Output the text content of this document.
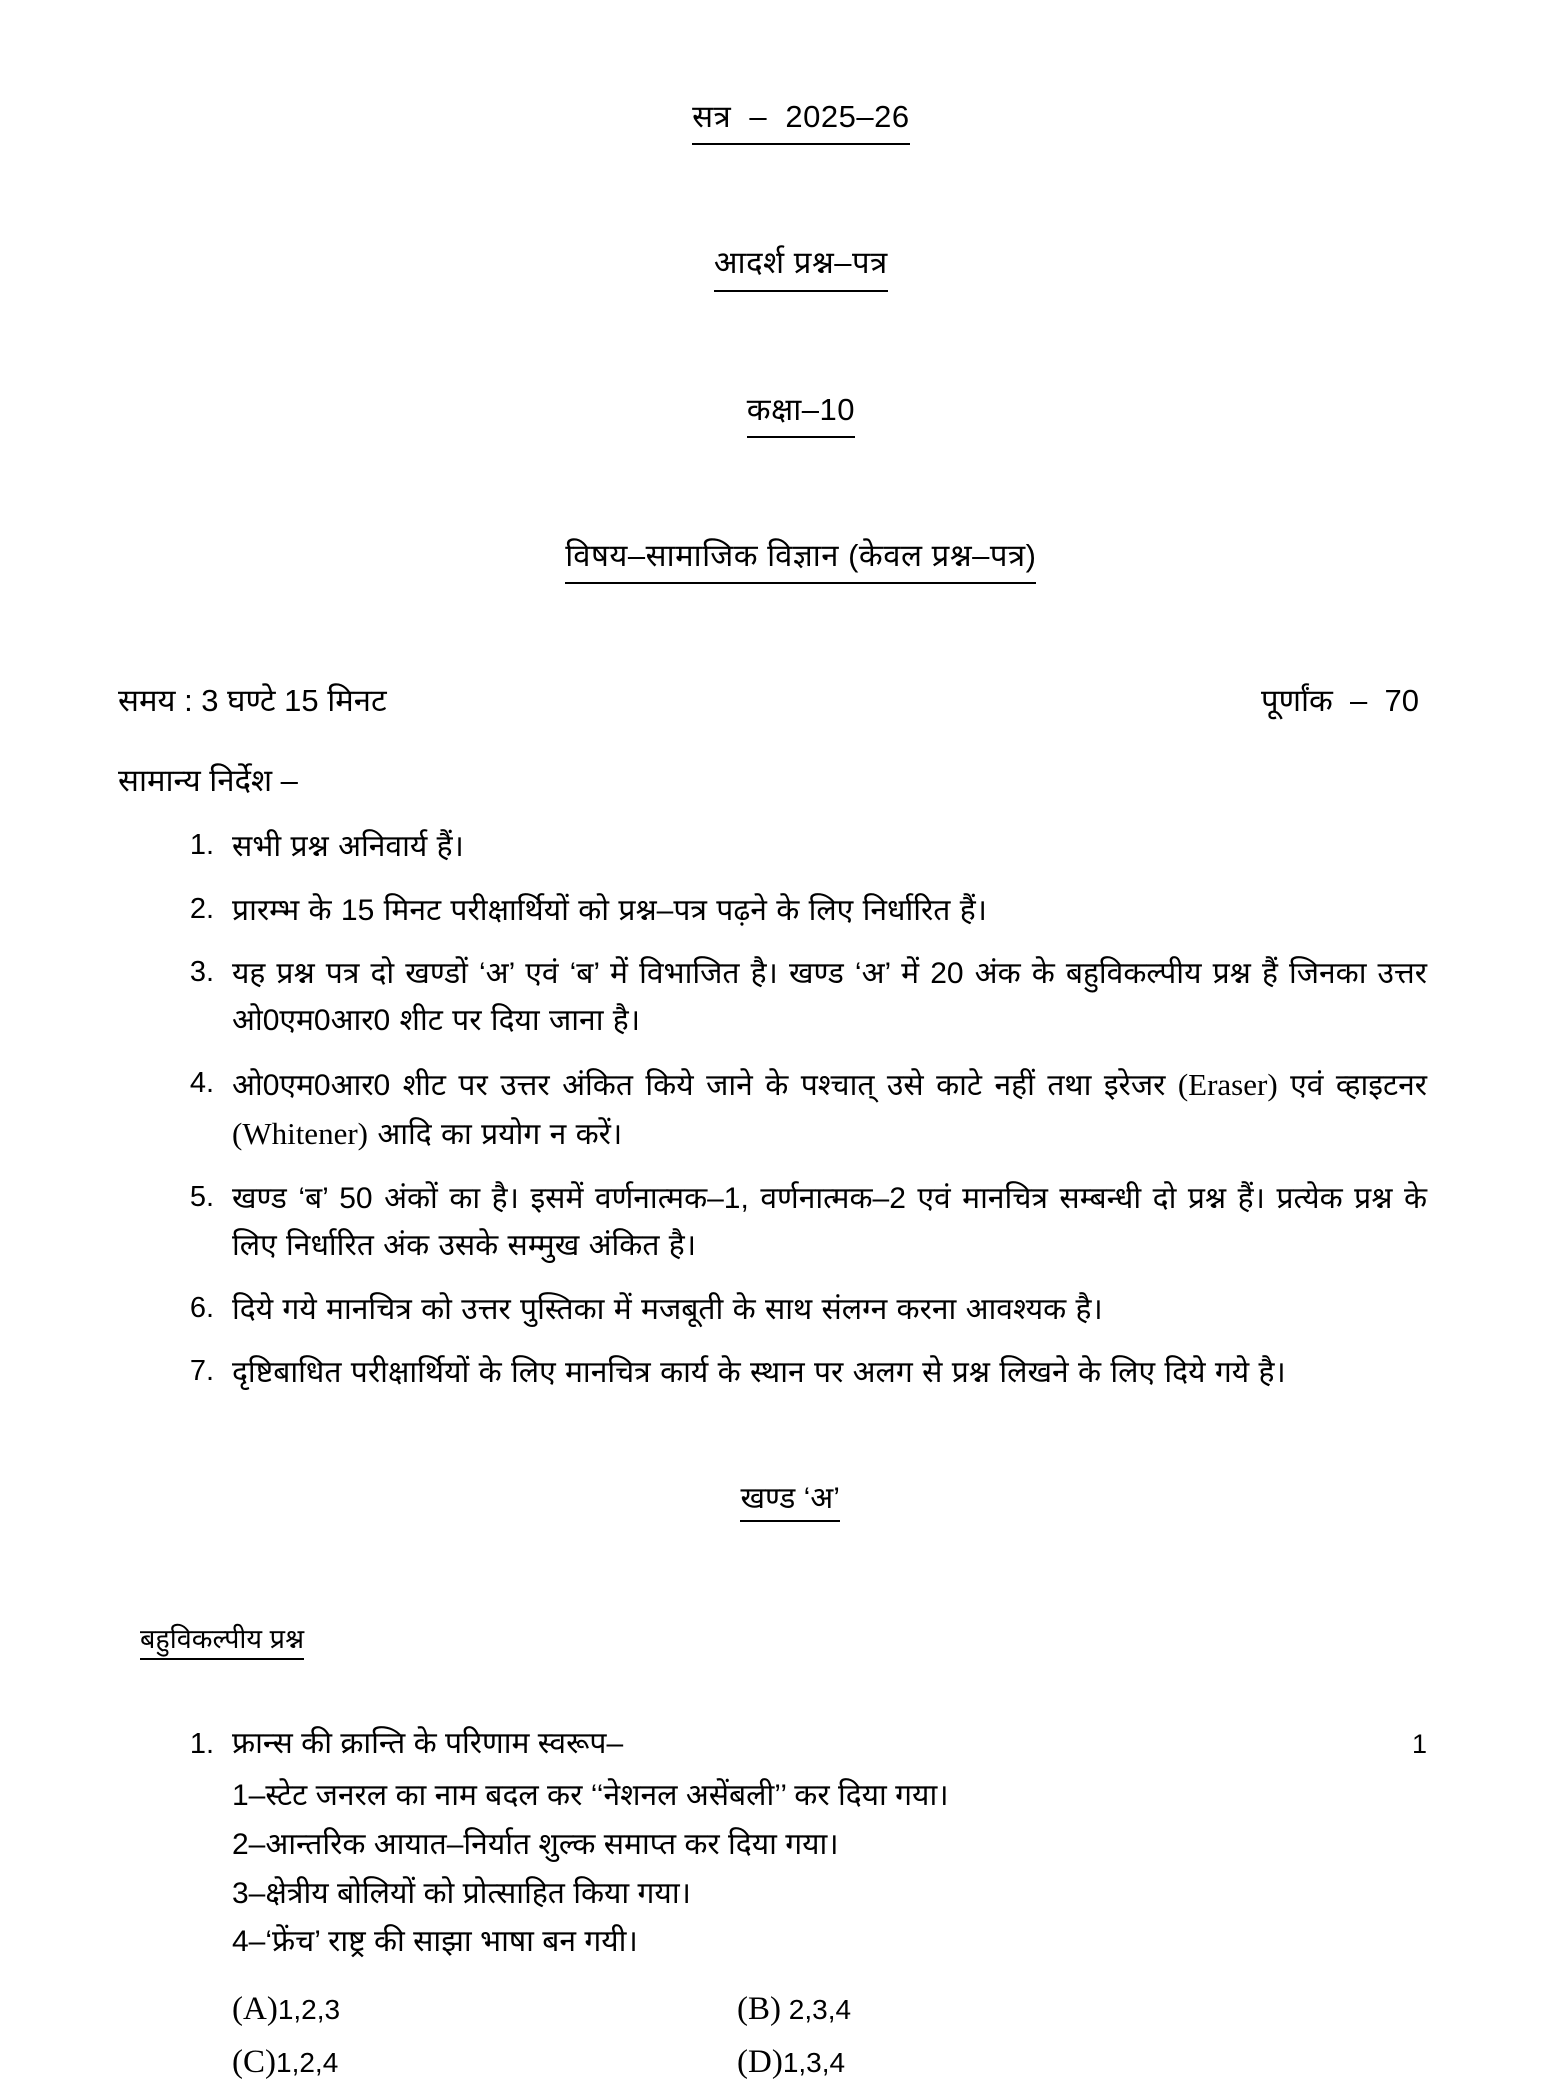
सत्र  –  2025–26

आदर्श प्रश्न–पत्र

कक्षा–10

विषय–सामाजिक विज्ञान (केवल प्रश्न–पत्र)

समय : 3 घण्टे 15 मिनट	पूर्णांक  –  70
सामान्य निर्देश –
1. सभी प्रश्न अनिवार्य हैं।
2. प्रारम्भ के 15 मिनट परीक्षार्थियों को प्रश्न–पत्र पढ़ने के लिए निर्धारित हैं।
3. यह प्रश्न पत्र दो खण्डों ‘अ’ एवं ‘ब’ में विभाजित है। खण्ड ‘अ’ में 20 अंक के बहुविकल्पीय प्रश्न हैं जिनका उत्तर ओ0एम0आर0 शीट पर दिया जाना है।
4. ओ0एम0आर0 शीट पर उत्तर अंकित किये जाने के पश्चात् उसे काटे नहीं तथा इरेजर (Eraser) एवं व्हाइटनर (Whitener) आदि का प्रयोग न करें।
5. खण्ड ‘ब’ 50 अंकों का है। इसमें वर्णनात्मक–1, वर्णनात्मक–2 एवं मानचित्र सम्बन्धी दो प्रश्न हैं। प्रत्येक प्रश्न के लिए निर्धारित अंक उसके सम्मुख अंकित है।
6. दिये गये मानचित्र को उत्तर पुस्तिका में मजबूती के साथ संलग्न करना आवश्यक है।
7. दृष्टिबाधित परीक्षार्थियों के लिए मानचित्र कार्य के स्थान पर अलग से प्रश्न लिखने के लिए दिये गये है।

खण्ड ‘अ’

बहुविकल्पीय प्रश्न

1. फ्रान्स की क्रान्ति के परिणाम स्वरूप–	1
1–स्टेट जनरल का नाम बदल कर ‘‘नेशनल असेंबली’’ कर दिया गया।
2–आन्तरिक आयात–निर्यात शुल्क समाप्त कर दिया गया।
3–क्षेत्रीय बोलियों को प्रोत्साहित किया गया।
4–‘फ्रेंच’ राष्ट्र की साझा भाषा बन गयी।
(A) 1,2,3	(B) 2,3,4
(C) 1,2,4	(D) 1,3,4
